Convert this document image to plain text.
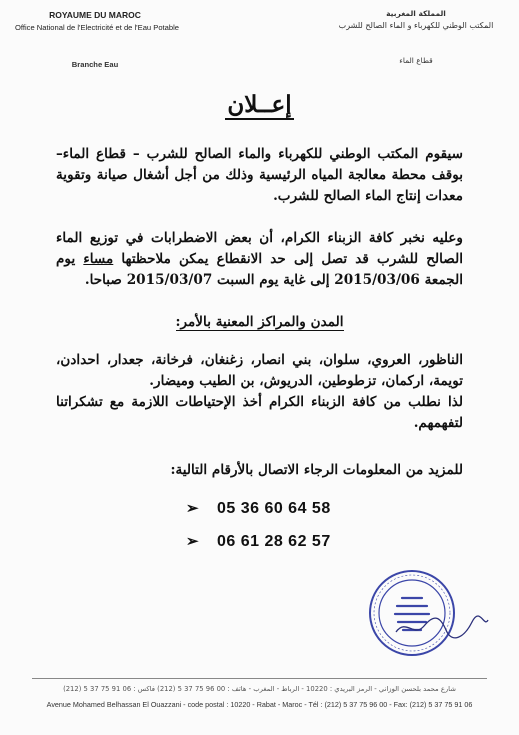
ROYAUME DU MAROC
Office National de l'Electricité et de l'Eau Potable
Branche Eau
المملكة المغربية
المكتب الوطني للكهرباء و الماء الصالح للشرب
قطاع الماء
إعــلان
سيقوم المكتب الوطني للكهرباء والماء الصالح للشرب – قطاع الماء– بوقف محطة معالجة المياه الرئيسية وذلك من أجل أشغال صيانة وتقوية معدات إنتاج الماء الصالح للشرب.
وعليه نخبر كافة الزبناء الكرام، أن بعض الاضطرابات في توزيع الماء الصالح للشرب قد تصل إلى حد الانقطاع يمكن ملاحظتها مساء يوم الجمعة 2015/03/06 إلى غاية يوم السبت 2015/03/07 صباحا.
المدن والمراكز المعنية بالأمر:
الناظور، العروي، سلوان، بني انصار، زغنغان، فرخانة، جعدار، احدادن، تويمة، اركمان، تزطوطين، الدريوش، بن الطيب وميضار.
لذا نطلب من كافة الزبناء الكرام أخذ الإحتياطات اللازمة مع تشكراتنا لتفهمهم.
للمزيد من المعلومات الرجاء الاتصال بالأرقام التالية:
➢ 05 36 60 64 58
➢ 06 61 28 62 57
شارع محمد بلحسن الوزاني - الرمز البريدي : 10220 - الرباط - المغرب - هاتف : 00 96 75 37 5 (212) فاكس : 06 91 75 37 5 (212)
Avenue Mohamed Belhassan El Ouazzani - code postal : 10220 - Rabat - Maroc - Tél : (212) 5 37 75 96 00 - Fax: (212) 5 37 75 91 06
